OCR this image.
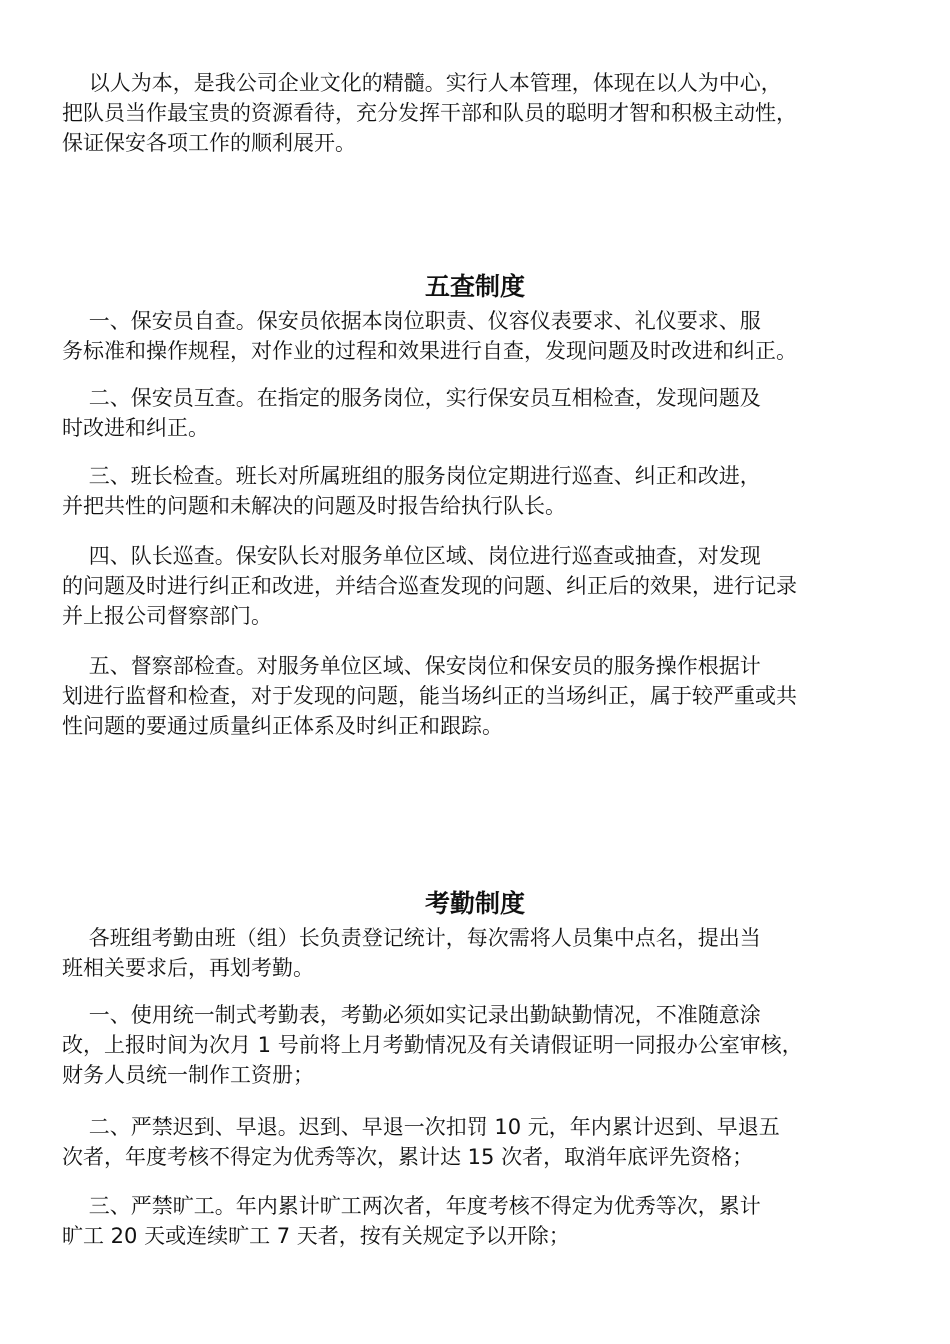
以人为本，是我公司企业文化的精髓。实行人本管理，体现在以人为中心，

把队员当作最宝贵的资源看待，充分发挥干部和队员的聪明才智和积极主动性，

保证保安各项工作的顺利展开。

五查制度

一、保安员自查。保安员依据本岗位职责、仪容仪表要求、礼仪要求、服

务标准和操作规程，对作业的过程和效果进行自查，发现问题及时改进和纠正。

二、保安员互查。在指定的服务岗位，实行保安员互相检查，发现问题及

时改进和纠正。

三、班长检查。班长对所属班组的服务岗位定期进行巡查、纠正和改进，

并把共性的问题和未解决的问题及时报告给执行队长。

四、队长巡查。保安队长对服务单位区域、岗位进行巡查或抽查，对发现

的问题及时进行纠正和改进，并结合巡查发现的问题、纠正后的效果，进行记录

并上报公司督察部门。

五、督察部检查。对服务单位区域、保安岗位和保安员的服务操作根据计

划进行监督和检查，对于发现的问题，能当场纠正的当场纠正，属于较严重或共

性问题的要通过质量纠正体系及时纠正和跟踪。

考勤制度

各班组考勤由班（组）长负责登记统计，每次需将人员集中点名，提出当

班相关要求后，再划考勤。

一、使用统一制式考勤表，考勤必须如实记录出勤缺勤情况，不准随意涂

改，上报时间为次月 1 号前将上月考勤情况及有关请假证明一同报办公室审核，

财务人员统一制作工资册；

二、严禁迟到、早退。迟到、早退一次扣罚 10 元，年内累计迟到、早退五

次者，年度考核不得定为优秀等次，累计达 15 次者，取消年底评先资格；

三、严禁旷工。年内累计旷工两次者，年度考核不得定为优秀等次，累计

旷工 20 天或连续旷工 7 天者，按有关规定予以开除；
